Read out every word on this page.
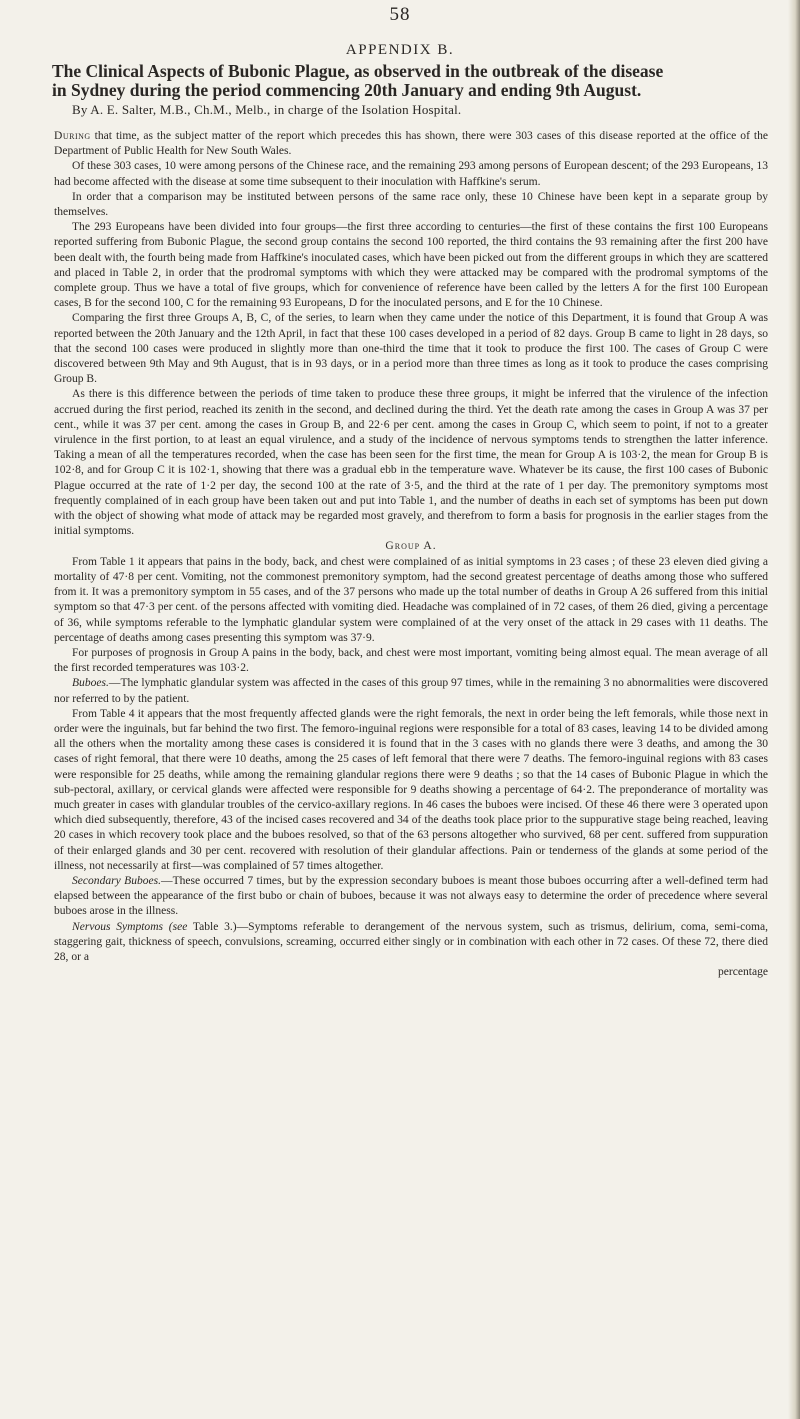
58
APPENDIX B.
The Clinical Aspects of Bubonic Plague, as observed in the outbreak of the disease
in Sydney during the period commencing 20th January and ending 9th August.
By A. E. Salter, M.B., Ch.M., Melb., in charge of the Isolation Hospital.

During that time, as the subject matter of the report which precedes this has shown, there were 303 cases of this disease reported at the office of the Department of Public Health for New South Wales.

Of these 303 cases, 10 were among persons of the Chinese race, and the remaining 293 among persons of European descent; of the 293 Europeans, 13 had become affected with the disease at some time subsequent to their inoculation with Haffkine's serum.

In order that a comparison may be instituted between persons of the same race only, these 10 Chinese have been kept in a separate group by themselves.

The 293 Europeans have been divided into four groups—the first three according to centuries—the first of these contains the first 100 Europeans reported suffering from Bubonic Plague, the second group contains the second 100 reported, the third contains the 93 remaining after the first 200 have been dealt with, the fourth being made from Haffkine's inoculated cases, which have been picked out from the different groups in which they are scattered and placed in Table 2, in order that the prodromal symptoms with which they were attacked may be compared with the prodromal symptoms of the complete group. Thus we have a total of five groups, which for convenience of reference have been called by the letters A for the first 100 European cases, B for the second 100, C for the remaining 93 Europeans, D for the inoculated persons, and E for the 10 Chinese.

Comparing the first three Groups A, B, C, of the series, to learn when they came under the notice of this Department, it is found that Group A was reported between the 20th January and the 12th April, in fact that these 100 cases developed in a period of 82 days. Group B came to light in 28 days, so that the second 100 cases were produced in slightly more than one-third the time that it took to produce the first 100. The cases of Group C were discovered between 9th May and 9th August, that is in 93 days, or in a period more than three times as long as it took to produce the cases comprising Group B.

As there is this difference between the periods of time taken to produce these three groups, it might be inferred that the virulence of the infection accrued during the first period, reached its zenith in the second, and declined during the third. Yet the death rate among the cases in Group A was 37 per cent., while it was 37 per cent. among the cases in Group B, and 22·6 per cent. among the cases in Group C, which seem to point, if not to a greater virulence in the first portion, to at least an equal virulence, and a study of the incidence of nervous symptoms tends to strengthen the latter inference. Taking a mean of all the temperatures recorded, when the case has been seen for the first time, the mean for Group A is 103·2, the mean for Group B is 102·8, and for Group C it is 102·1, showing that there was a gradual ebb in the temperature wave. Whatever be its cause, the first 100 cases of Bubonic Plague occurred at the rate of 1·2 per day, the second 100 at the rate of 3·5, and the third at the rate of 1 per day. The premonitory symptoms most frequently complained of in each group have been taken out and put into Table 1, and the number of deaths in each set of symptoms has been put down with the object of showing what mode of attack may be regarded most gravely, and therefrom to form a basis for prognosis in the earlier stages from the initial symptoms.

Group A.

From Table 1 it appears that pains in the body, back, and chest were complained of as initial symptoms in 23 cases ; of these 23 eleven died giving a mortality of 47·8 per cent. Vomiting, not the commonest premonitory symptom, had the second greatest percentage of deaths among those who suffered from it. It was a premonitory symptom in 55 cases, and of the 37 persons who made up the total number of deaths in Group A 26 suffered from this initial symptom so that 47·3 per cent. of the persons affected with vomiting died. Headache was complained of in 72 cases, of them 26 died, giving a percentage of 36, while symptoms referable to the lymphatic glandular system were complained of at the very onset of the attack in 29 cases with 11 deaths. The percentage of deaths among cases presenting this symptom was 37·9.

For purposes of prognosis in Group A pains in the body, back, and chest were most important, vomiting being almost equal. The mean average of all the first recorded temperatures was 103·2.

Buboes.—The lymphatic glandular system was affected in the cases of this group 97 times, while in the remaining 3 no abnormalities were discovered nor referred to by the patient.

From Table 4 it appears that the most frequently affected glands were the right femorals, the next in order being the left femorals, while those next in order were the inguinals, but far behind the two first. The femoro-inguinal regions were responsible for a total of 83 cases, leaving 14 to be divided among all the others when the mortality among these cases is considered it is found that in the 3 cases with no glands there were 3 deaths, and among the 30 cases of right femoral, that there were 10 deaths, among the 25 cases of left femoral that there were 7 deaths. The femoro-inguinal regions with 83 cases were responsible for 25 deaths, while among the remaining glandular regions there were 9 deaths ; so that the 14 cases of Bubonic Plague in which the sub-pectoral, axillary, or cervical glands were affected were responsible for 9 deaths showing a percentage of 64·2. The preponderance of mortality was much greater in cases with glandular troubles of the cervico-axillary regions. In 46 cases the buboes were incised. Of these 46 there were 3 operated upon which died subsequently, therefore, 43 of the incised cases recovered and 34 of the deaths took place prior to the suppurative stage being reached, leaving 20 cases in which recovery took place and the buboes resolved, so that of the 63 persons altogether who survived, 68 per cent. suffered from suppuration of their enlarged glands and 30 per cent. recovered with resolution of their glandular affections. Pain or tenderness of the glands at some period of the illness, not necessarily at first—was complained of 57 times altogether.

Secondary Buboes.—These occurred 7 times, but by the expression secondary buboes is meant those buboes occurring after a well-defined term had elapsed between the appearance of the first bubo or chain of buboes, because it was not always easy to determine the order of precedence where several buboes arose in the illness.

Nervous Symptoms (see Table 3.)—Symptoms referable to derangement of the nervous system, such as trismus, delirium, coma, semi-coma, staggering gait, thickness of speech, convulsions, screaming, occurred either singly or in combination with each other in 72 cases. Of these 72, there died 28, or a

percentage
